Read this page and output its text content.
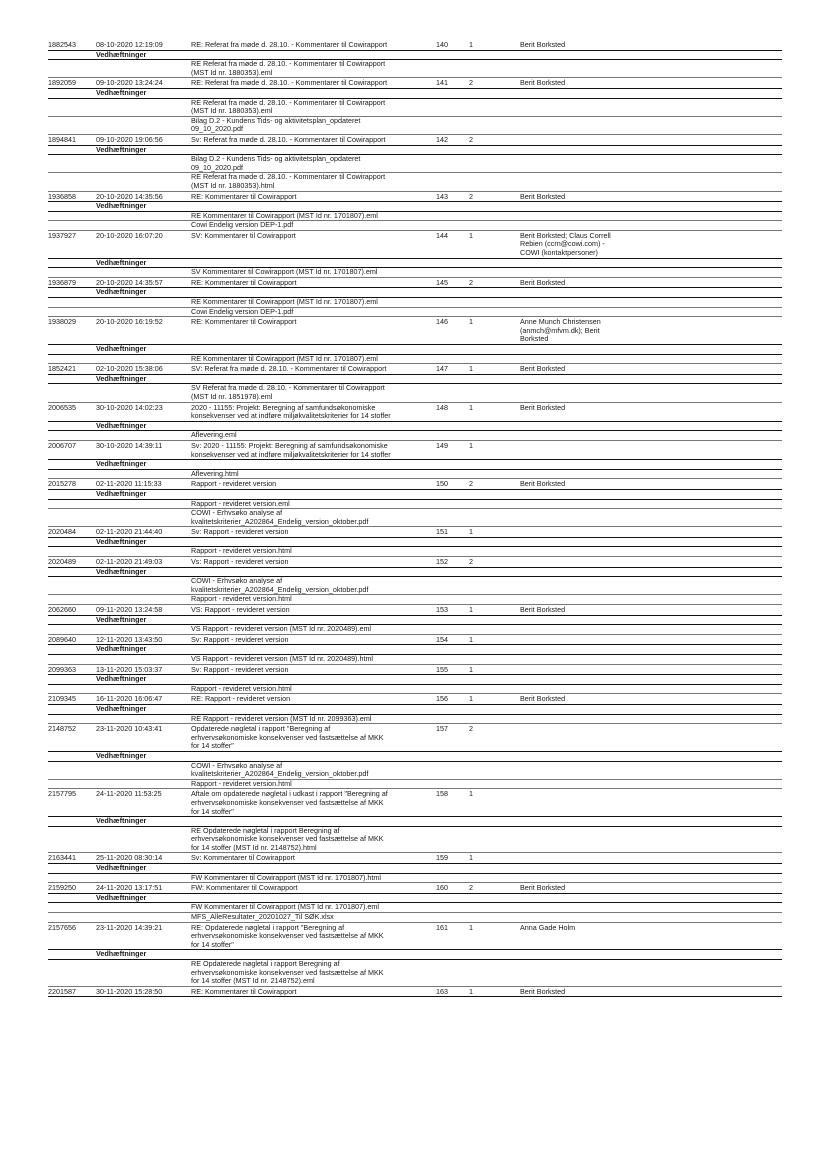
1882543	08-10-2020 12:19:09	RE: Referat fra møde d. 28.10. - Kommentarer til Cowirapport	140	1	Berit Borksted
Vedhæftninger
RE Referat fra møde d. 28.10. - Kommentarer til Cowirapport
(MST Id nr. 1880353).eml
1892059	09-10-2020 13:24:24	RE: Referat fra møde d. 28.10. - Kommentarer til Cowirapport	141	2	Berit Borksted
Vedhæftninger
RE Referat fra møde d. 28.10. - Kommentarer til Cowirapport
(MST Id nr. 1880353).eml
Bilag D.2 - Kundens Tids- og aktivitetsplan_opdateret
09_10_2020.pdf
1894841	09-10-2020 19:06:56	Sv: Referat fra møde d. 28.10. - Kommentarer til Cowirapport	142	2
Vedhæftninger
Bilag D.2 - Kundens Tids- og aktivitetsplan_opdateret
09_10_2020.pdf
RE Referat fra møde d. 28.10. - Kommentarer til Cowirapport
(MST Id nr. 1880353).html
1936858	20-10-2020 14:35:56	RE: Kommentarer til Cowirapport	143	2	Berit Borksted
Vedhæftninger
RE Kommentarer til Cowirapport (MST Id nr. 1701807).eml
Cowi Endelig version DEP-1.pdf
1937927	20-10-2020 16:07:20	SV: Kommentarer til Cowirapport	144	1	Berit Borksted; Claus Correll
Rebien (ccrn@cowi.com) -
COWI (kontaktpersoner)
Vedhæftninger
SV Kommentarer til Cowirapport (MST Id nr. 1701807).eml
1936879	20-10-2020 14:35:57	RE: Kommentarer til Cowirapport	145	2	Berit Borksted
Vedhæftninger
RE Kommentarer til Cowirapport (MST Id nr. 1701807).eml
Cowi Endelig version DEP-1.pdf
1938029	20-10-2020 16:19:52	RE: Kommentarer til Cowirapport	146	1	Anne Munch Christensen
(anmch@mfvm.dk); Berit
Borksted
Vedhæftninger
RE Kommentarer til Cowirapport (MST Id nr. 1701807).eml
1852421	02-10-2020 15:38:06	SV: Referat fra møde d. 28.10. - Kommentarer til Cowirapport	147	1	Berit Borksted
Vedhæftninger
SV Referat fra møde d. 28.10. - Kommentarer til Cowirapport
(MST Id nr. 1851978).eml
2006535	30-10-2020 14:02:23	2020 - 11155: Projekt: Beregning af samfundsøkonomiske
konsekvenser ved at indføre miljøkvalitetskriterier for 14 stoffer
148	1	Berit Borksted
Vedhæftninger
Aflevering.eml
2006707	30-10-2020 14:39:11	Sv: 2020 - 11155: Projekt: Beregning af samfundsøkonomiske
konsekvenser ved at indføre miljøkvalitetskriterier for 14 stoffer
149	1
Vedhæftninger
Aflevering.html
2015278	02-11-2020 11:15:33	Rapport - revideret version	150	2	Berit Borksted
Vedhæftninger
Rapport - revideret version.eml
COWI - Erhvsøko analyse af
kvalitetskriterier_A202864_Endelig_version_oktober.pdf
2020484	02-11-2020 21:44:40	Sv: Rapport - revideret version	151	1
Vedhæftninger
Rapport - revideret version.html
2020489	02-11-2020 21:49:03	Vs: Rapport - revideret version	152	2
Vedhæftninger
COWI - Erhvsøko analyse af
kvalitetskriterier_A202864_Endelig_version_oktober.pdf
Rapport - revideret version.html
2062660	09-11-2020 13:24:58	VS: Rapport - revideret version	153	1	Berit Borksted
Vedhæftninger
VS Rapport - revideret version (MST Id nr. 2020489).eml
2089640	12-11-2020 13:43:50	Sv: Rapport - revideret version	154	1
Vedhæftninger
VS Rapport - revideret version (MST Id nr. 2020489).html
2099363	13-11-2020 15:03:37	Sv: Rapport - revideret version	155	1
Vedhæftninger
Rapport - revideret version.html
2109345	16-11-2020 16:06:47	RE: Rapport - revideret version	156	1	Berit Borksted
Vedhæftninger
RE Rapport - revideret version (MST Id nr. 2099363).eml
2148752	23-11-2020 10:43:41	Opdaterede nøgletal i rapport "Beregning af
erhvervsøkonomiske konsekvenser ved fastsættelse af MKK
for 14 stoffer"
157	2
Vedhæftninger
COWI - Erhvsøko analyse af
kvalitetskriterier_A202864_Endelig_version_oktober.pdf
Rapport - revideret version.html
2157795	24-11-2020 11:53:25	Aftale om opdaterede nøgletal i udkast i rapport "Beregning af
erhvervsøkonomiske konsekvenser ved fastsættelse af MKK
for 14 stoffer"
158	1
Vedhæftninger
RE Opdaterede nøgletal i rapport Beregning af
erhvervsøkonomiske konsekvenser ved fastsættelse af MKK
for 14 stoffer (MST Id nr. 2148752).html
2163441	25-11-2020 08:30:14	Sv: Kommentarer til Cowirapport	159	1
Vedhæftninger
FW Kommentarer til Cowirapport (MST Id nr. 1701807).html
2159250	24-11-2020 13:17:51	FW: Kommentarer til Cowirapport	160	2	Berit Borksted
Vedhæftninger
FW Kommentarer til Cowirapport (MST Id nr. 1701807).eml
MFS_AlleResultater_20201027_Til SØK.xlsx
2157656	23-11-2020 14:39:21	RE: Opdaterede nøgletal i rapport "Beregning af
erhvervsøkonomiske konsekvenser ved fastsættelse af MKK
for 14 stoffer"
161	1	Anna Gade Holm
Vedhæftninger
RE Opdaterede nøgletal i rapport Beregning af
erhvervsøkonomiske konsekvenser ved fastsættelse af MKK
for 14 stoffer (MST Id nr. 2148752).eml
2201587	30-11-2020 15:28:50	RE: Kommentarer til Cowirapport	163	1	Berit Borksted
